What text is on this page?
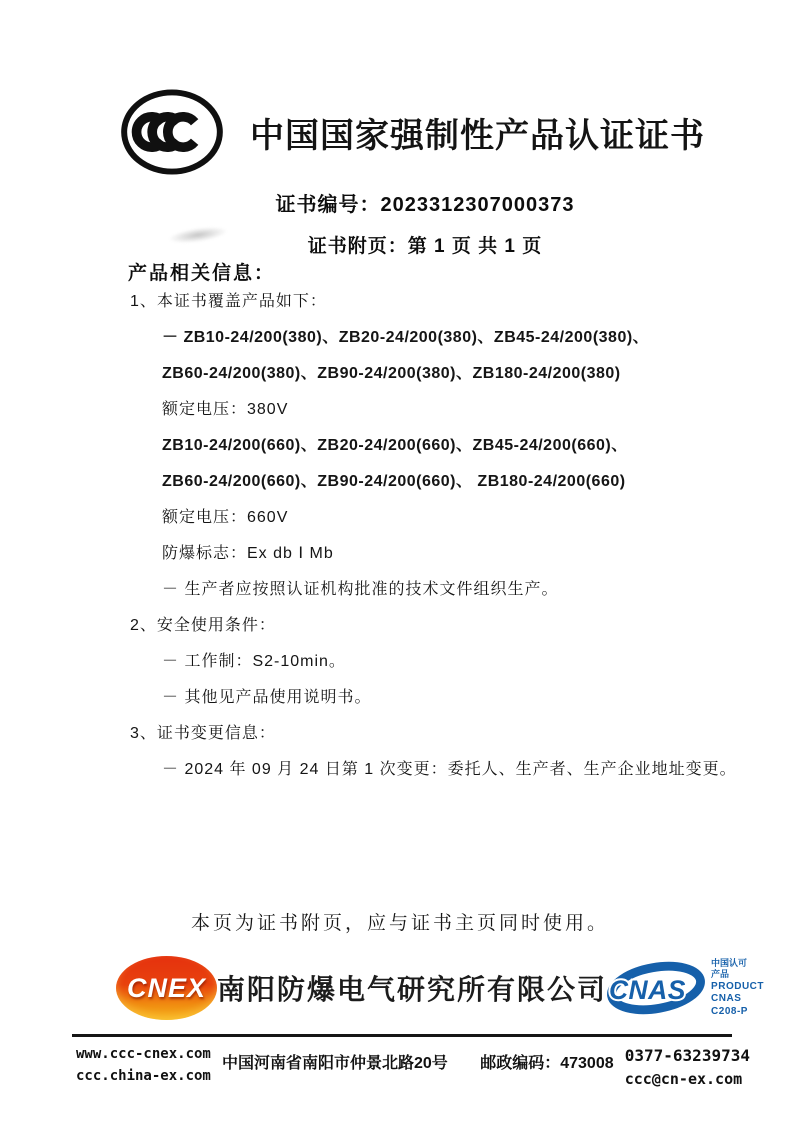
中国国家强制性产品认证证书
证书编号：2023312307000373
证书附页：第 1 页 共 1 页
产品相关信息：
1、本证书覆盖产品如下：
－ ZB10-24/200(380)、ZB20-24/200(380)、ZB45-24/200(380)、
ZB60-24/200(380)、ZB90-24/200(380)、ZB180-24/200(380)
额定电压：380V
ZB10-24/200(660)、ZB20-24/200(660)、ZB45-24/200(660)、
ZB60-24/200(660)、ZB90-24/200(660)、 ZB180-24/200(660)
额定电压：660V
防爆标志：Ex db Ⅰ Mb
－ 生产者应按照认证机构批准的技术文件组织生产。
2、安全使用条件：
－ 工作制：S2-10min。
－ 其他见产品使用说明书。
3、证书变更信息：
－ 2024 年 09 月 24 日第 1 次变更：委托人、生产者、生产企业地址变更。
本页为证书附页，应与证书主页同时使用。
CNEX 南阳防爆电气研究所有限公司 CNAS
中国认可
产品
PRODUCT
CNAS C208-P
www.ccc-cnex.com
ccc.china-ex.com
中国河南省南阳市仲景北路20号 邮政编码：473008 0377-63239734
ccc@cn-ex.com
